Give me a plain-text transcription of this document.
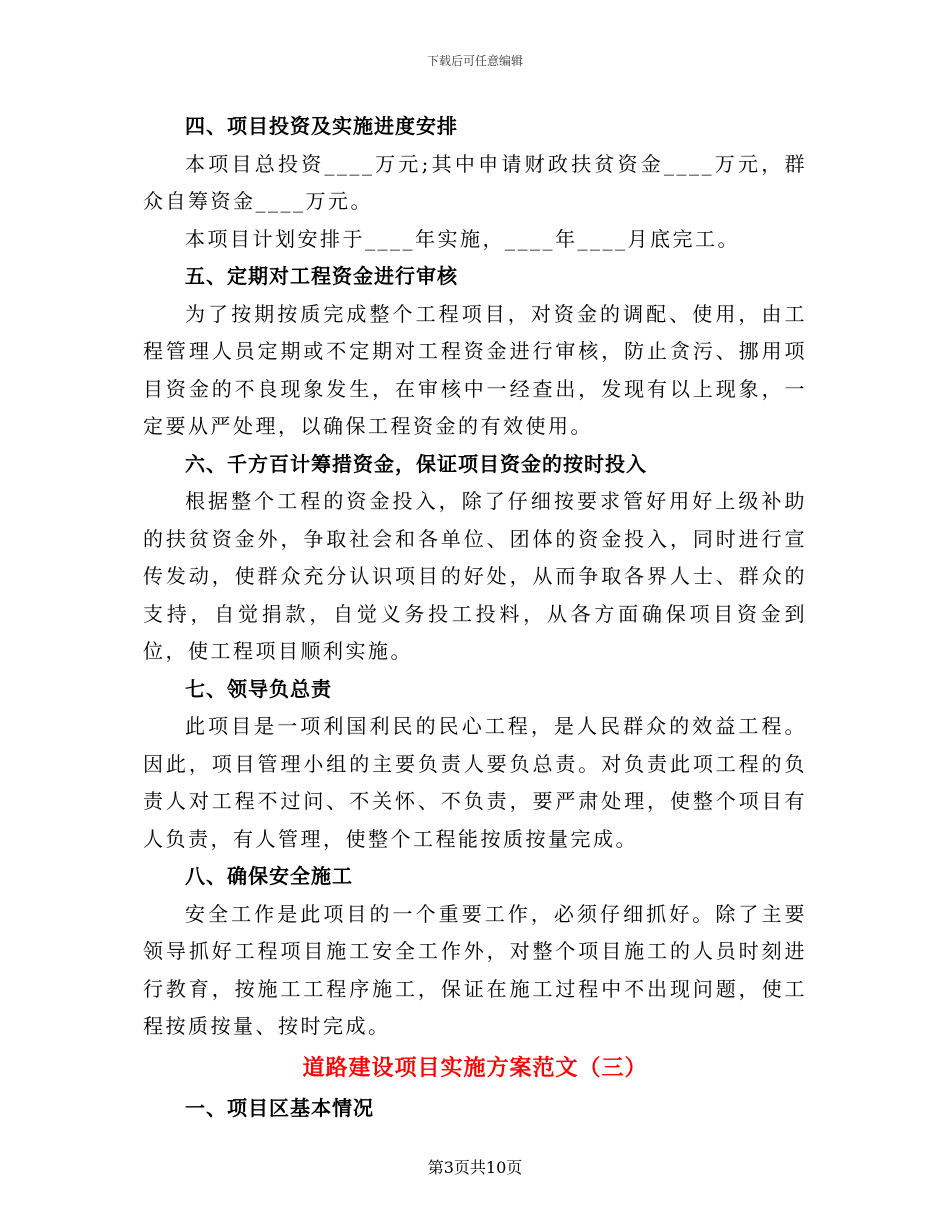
下载后可任意编辑

四、项目投资及实施进度安排

本项目总投资____万元;其中申请财政扶贫资金____万元，群众自筹资金____万元。

本项目计划安排于____年实施，____年____月底完工。

五、定期对工程资金进行审核

为了按期按质完成整个工程项目，对资金的调配、使用，由工程管理人员定期或不定期对工程资金进行审核，防止贪污、挪用项目资金的不良现象发生，在审核中一经查出，发现有以上现象，一定要从严处理，以确保工程资金的有效使用。

六、千方百计筹措资金，保证项目资金的按时投入

根据整个工程的资金投入，除了仔细按要求管好用好上级补助的扶贫资金外，争取社会和各单位、团体的资金投入，同时进行宣传发动，使群众充分认识项目的好处，从而争取各界人士、群众的支持，自觉捐款，自觉义务投工投料，从各方面确保项目资金到位，使工程项目顺利实施。

七、领导负总责

此项目是一项利国利民的民心工程，是人民群众的效益工程。因此，项目管理小组的主要负责人要负总责。对负责此项工程的负责人对工程不过问、不关怀、不负责，要严肃处理，使整个项目有人负责，有人管理，使整个工程能按质按量完成。

八、确保安全施工

安全工作是此项目的一个重要工作，必须仔细抓好。除了主要领导抓好工程项目施工安全工作外，对整个项目施工的人员时刻进行教育，按施工工程序施工，保证在施工过程中不出现问题，使工程按质按量、按时完成。

道路建设项目实施方案范文（三）

一、项目区基本情况

第3页共10页
